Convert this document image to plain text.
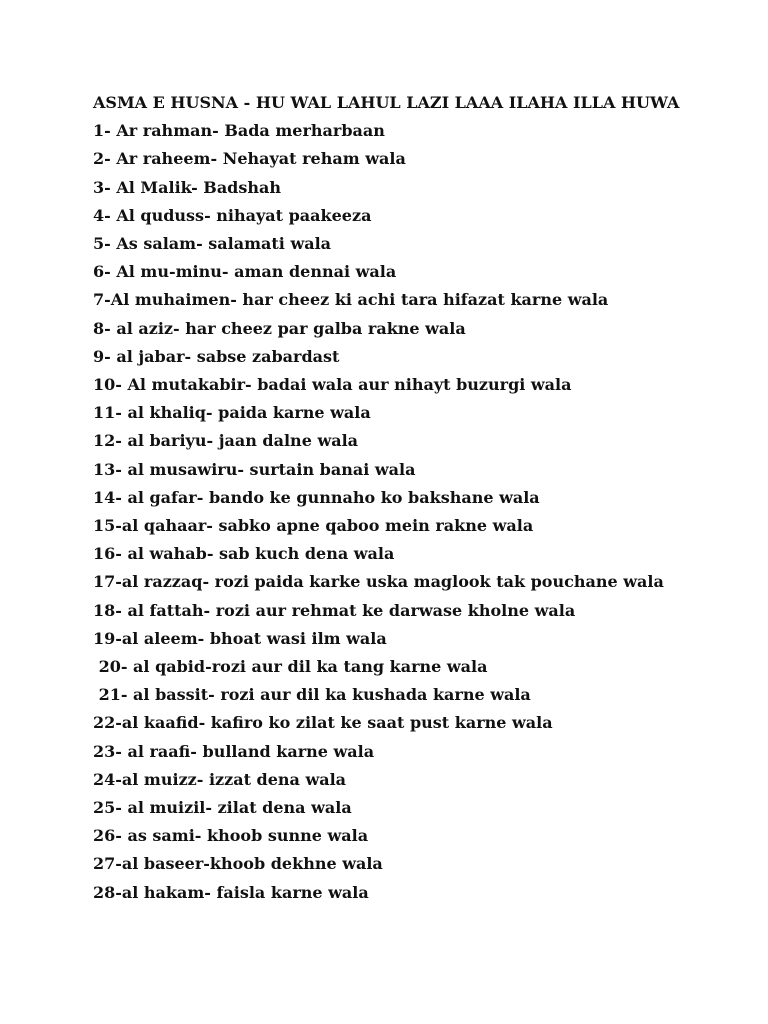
ASMA E HUSNA - HU WAL LAHUL LAZI LAAA ILAHA ILLA HUWA
1- Ar rahman- Bada merharbaan
2- Ar raheem- Nehayat reham wala
3- Al Malik- Badshah
4- Al quduss- nihayat paakeeza
5- As salam- salamati wala
6- Al mu-minu- aman dennai wala
7-Al muhaimen- har cheez ki achi tara hifazat karne wala
8- al aziz- har cheez par galba rakne wala
9- al jabar- sabse zabardast
10- Al mutakabir- badai wala aur nihayt buzurgi wala
11- al khaliq- paida karne wala
12- al bariyu- jaan dalne wala
13- al musawiru- surtain banai wala
14- al gafar- bando ke gunnaho ko bakshane wala
15-al qahaar- sabko apne qaboo mein rakne wala
16- al wahab- sab kuch dena wala
17-al razzaq- rozi paida karke uska maglook tak pouchane wala
18- al fattah- rozi aur rehmat ke darwase kholne wala
19-al aleem- bhoat wasi ilm wala
20- al qabid-rozi aur dil ka tang karne wala
21- al bassit- rozi aur dil ka kushada karne wala
22-al kaafid- kafiro ko zilat ke saat pust karne wala
23- al raafi- bulland karne wala
24-al muizz- izzat dena wala
25- al muizil- zilat dena wala
26- as sami- khoob sunne wala
27-al baseer-khoob dekhne wala
28-al hakam- faisla karne wala
